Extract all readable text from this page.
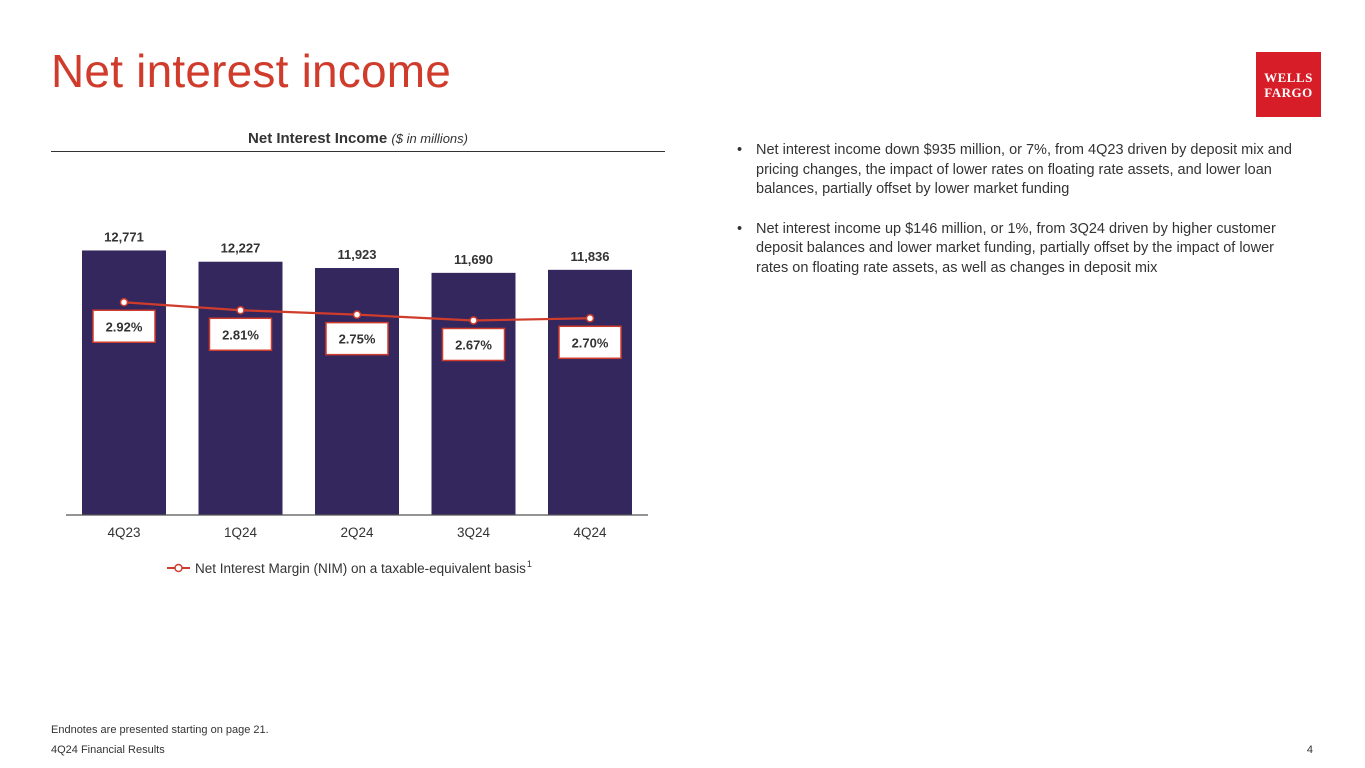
Net interest income	WELLS
FARGO
Net Interest Income ($ in millions)
12,771
12,227	11,923	11,690	11,836
4Q23	1Q24	2Q24	3Q24	4Q24
2.92%
2.81%	2.75%	2.67%	2.70%
Net Interest Margin (NIM) on a taxable-equivalent basis 1
• Net interest income down $935 million, or 7%, from 4Q23 driven by deposit mix and pricing changes, the impact of lower rates on floating rate assets, and lower loan balances, partially offset by lower market funding
• Net interest income up $146 million, or 1%, from 3Q24 driven by higher customer deposit balances and lower market funding, partially offset by the impact of lower rates on floating rate assets, as well as changes in deposit mix
Endnotes are presented starting on page 21.
4Q24 Financial Results	4
